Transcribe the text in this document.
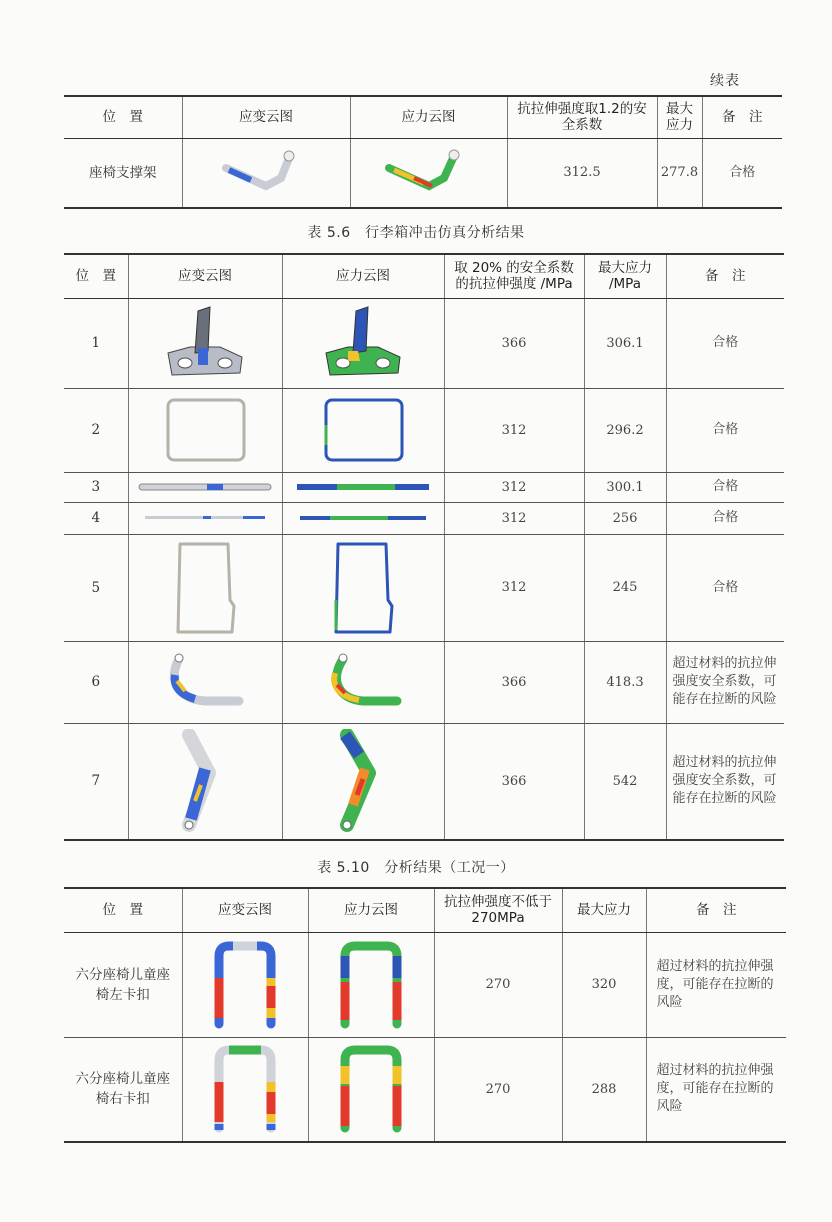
续表
位　置	应变云图	应力云图	抗拉伸强度取1.2的安全系数	最大应力	备　注
座椅支撑架			312.5	277.8	合格
表 5.6　行李箱冲击仿真分析结果
位　置	应变云图	应力云图	取 20% 的安全系数的抗拉伸强度 /MPa	最大应力 /MPa	备　注
1			366	306.1	合格
2			312	296.2	合格
3			312	300.1	合格
4			312	256	合格
5			312	245	合格
6			366	418.3	超过材料的抗拉伸强度安全系数，可能存在拉断的风险
7			366	542	超过材料的抗拉伸强度安全系数，可能存在拉断的风险
表 5.10　分析结果（工况一）
位　置	应变云图	应力云图	抗拉伸强度不低于 270MPa	最大应力	备　注
六分座椅儿童座椅左卡扣			270	320	超过材料的抗拉伸强度，可能存在拉断的风险
六分座椅儿童座椅右卡扣			270	288	超过材料的抗拉伸强度，可能存在拉断的风险
